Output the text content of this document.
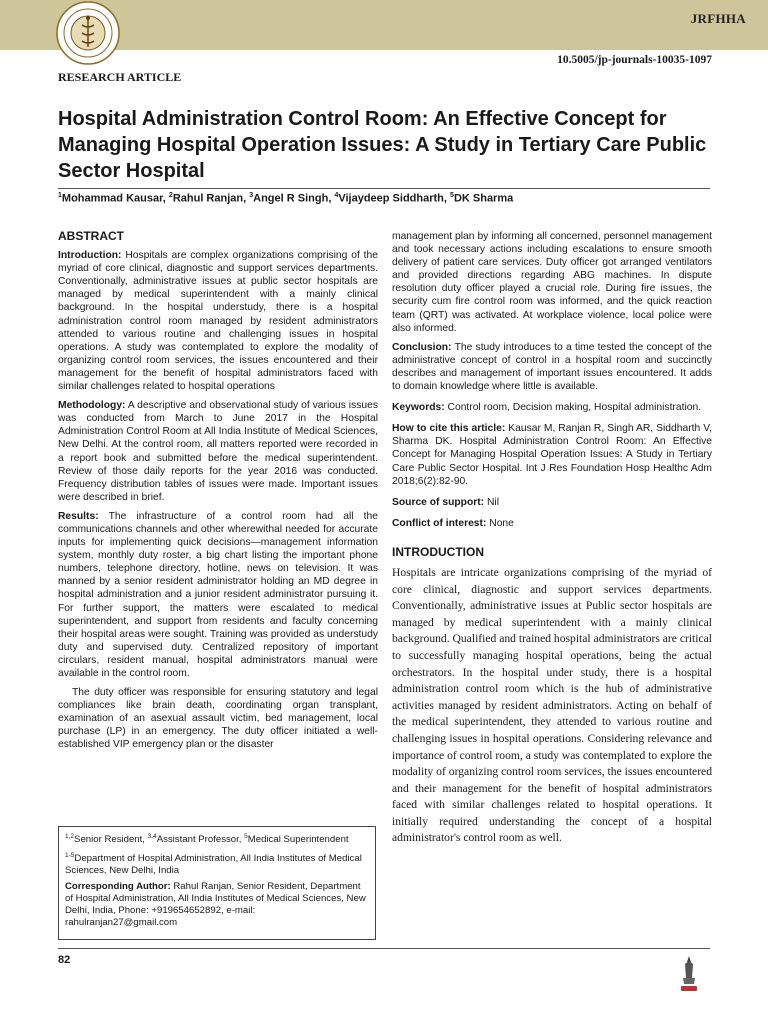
JRFHHA
10.5005/jp-journals-10035-1097
RESEARCH ARTICLE
Hospital Administration Control Room: An Effective Concept for Managing Hospital Operation Issues: A Study in Tertiary Care Public Sector Hospital
$^1$Mohammad Kausar, $^2$Rahul Ranjan, $^3$Angel R Singh, $^4$Vijaydeep Siddharth, $^5$DK Sharma
ABSTRACT

Introduction: Hospitals are complex organizations comprising of the myriad of core clinical, diagnostic and support services departments. Conventionally, administrative issues at public sector hospitals are managed by medical superintendent with a mainly clinical background. In the hospital understudy, there is a hospital administration control room managed by resident administrators attended to various routine and challenging issues in hospital operations. A study was contemplated to explore the modality of organizing control room services, the issues encountered and their management for the benefit of hospital administrators faced with similar challenges related to hospital operations

Methodology: A descriptive and observational study of various issues was conducted from March to June 2017 in the Hospital Administration Control Room at All India Institute of Medical Sciences, New Delhi. At the control room, all matters reported were recorded in a report book and submitted before the medical superintendent. Review of those daily reports for the year 2016 was conducted. Frequency distribution tables of issues were made. Important issues were described in brief.

Results: The infrastructure of a control room had all the communications channels and other wherewithal needed for accurate inputs for implementing quick decisions—management information system, monthly duty roster, a big chart listing the important phone numbers, telephone directory, hotline, news on television. It was manned by a senior resident administrator holding an MD degree in hospital administration and a junior resident administrator pursuing it. For further support, the matters were escalated to medical superintendent, and support from residents and faculty concerning their hospital areas were sought. Training was provided as understudy duty and supervised duty. Centralized repository of important circulars, resident manual, hospital administrators manual were available in the control room.

The duty officer was responsible for ensuring statutory and legal compliances like brain death, coordinating organ transplant, examination of an asexual assault victim, bed management, local purchase (LP) in an emergency. The duty officer initiated a well-established VIP emergency plan or the disaster

management plan by informing all concerned, personnel management and took necessary actions including escalations to ensure smooth delivery of patient care services. Duty officer got arranged ventilators and provided directions regarding ABG machines. In dispute resolution duty officer played a crucial role. During fire issues, the security cum fire control room was informed, and the quick reaction team (QRT) was activated. At workplace violence, local police were also informed.

Conclusion: The study introduces to a time tested the concept of the administrative concept of control in a hospital room and succinctly describes and management of important issues encountered. It adds to domain knowledge where little is available.

Keywords: Control room, Decision making, Hospital administration.

How to cite this article: Kausar M, Ranjan R, Singh AR, Siddharth V, Sharma DK. Hospital Administration Control Room: An Effective Concept for Managing Hospital Operation Issues: A Study in Tertiary Care Public Sector Hospital. Int J Res Foundation Hosp Healthc Adm 2018;6(2):82-90.

Source of support: Nil

Conflict of interest: None

INTRODUCTION

Hospitals are intricate organizations comprising of the myriad of core clinical, diagnostic and support services departments. Conventionally, administrative issues at Public sector hospitals are managed by medical superintendent with a mainly clinical background. Qualified and trained hospital administrators are critical to successfully managing hospital operations, being the actual orchestrators. In the hospital under study, there is a hospital administration control room which is the hub of administrative activities managed by resident administrators. Acting on behalf of the medical superintendent, they attended to various routine and challenging issues in hospital operations. Considering relevance and importance of control room, a study was contemplated to explore the modality of organizing control room services, the issues encountered and their management for the benefit of hospital administrators faced with similar challenges related to hospital operations. It initially required understanding the concept of a hospital administrator's control room as well.

$^{1,2}$Senior Resident, $^{3,4}$Assistant Professor, $^5$Medical Superintendent

$^{1-5}$Department of Hospital Administration, All India Institutes of Medical Sciences, New Delhi, India

Corresponding Author: Rahul Ranjan, Senior Resident, Department of Hospital Administration, All India Institutes of Medical Sciences, New Delhi, India, Phone: +919654652892, e-mail: rahulranjan27@gmail.com

82
